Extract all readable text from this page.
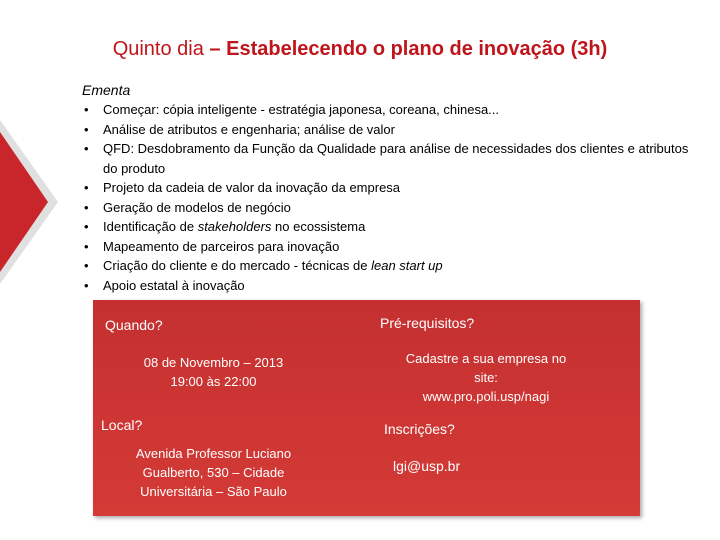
Quinto dia – Estabelecendo o plano de inovação (3h)
Ementa
• Começar: cópia inteligente - estratégia japonesa, coreana, chinesa...
• Análise de atributos e engenharia; análise de valor
• QFD: Desdobramento da Função da Qualidade para análise de necessidades dos clientes e atributos do produto
• Projeto da cadeia de valor da inovação da empresa
• Geração de modelos de negócio
• Identificação de stakeholders no ecossistema
• Mapeamento de parceiros para inovação
• Criação do cliente e do mercado - técnicas de lean start up
• Apoio estatal à inovação
Quando?
08 de Novembro – 2013
19:00 às 22:00
Local?
Avenida Professor Luciano
Gualberto, 530 – Cidade
Universitária – São Paulo
Pré-requisitos?
Cadastre a sua empresa no
site:
www.pro.poli.usp/nagi
Inscrições?
lgi@usp.br
